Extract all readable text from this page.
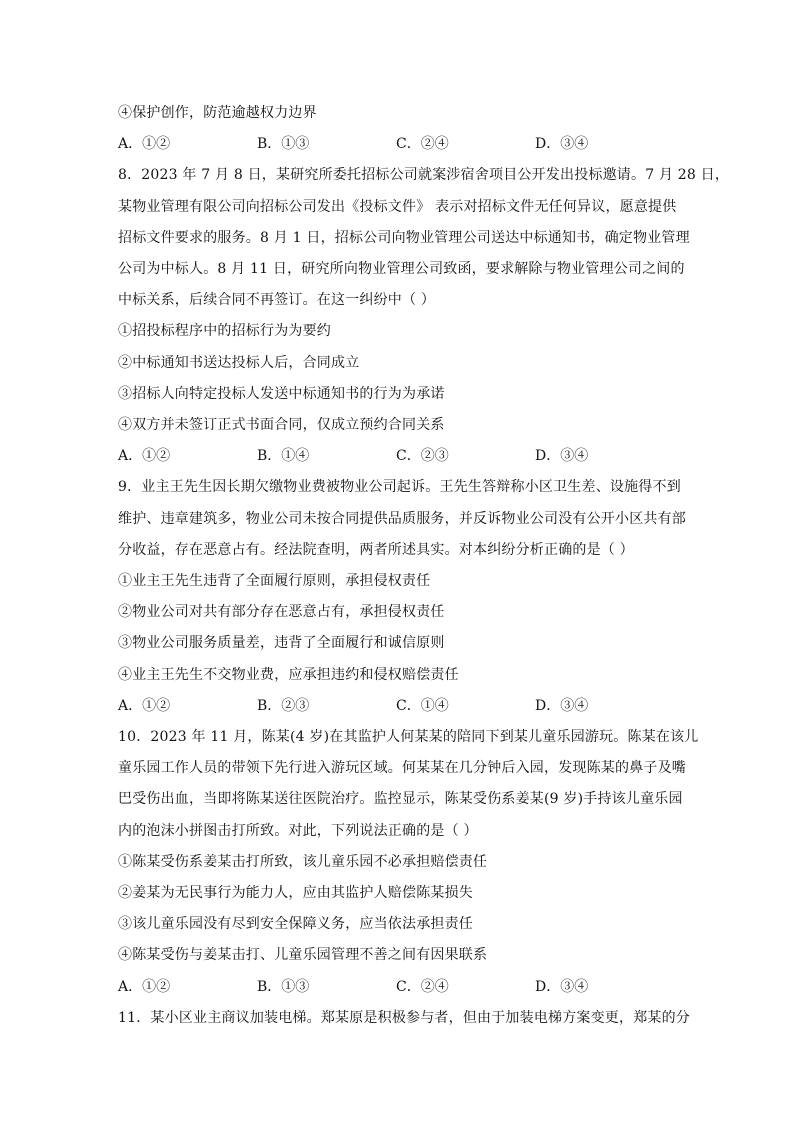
④保护创作，防范逾越权力边界
A．①②	B．①③	C．②④	D．③④
8．2023 年 7 月 8 日，某研究所委托招标公司就案涉宿舍项目公开发出投标邀请。7 月 28 日，
某物业管理有限公司向招标公司发出《投标文件》 表示对招标文件无任何异议，愿意提供
招标文件要求的服务。8 月 1 日，招标公司向物业管理公司送达中标通知书，确定物业管理
公司为中标人。8 月 11 日，研究所向物业管理公司致函，要求解除与物业管理公司之间的
中标关系，后续合同不再签订。在这一纠纷中（ ）
①招投标程序中的招标行为为要约
②中标通知书送达投标人后，合同成立
③招标人向特定投标人发送中标通知书的行为为承诺
④双方并未签订正式书面合同，仅成立预约合同关系
A．①②	B．①④	C．②③	D．③④
9．业主王先生因长期欠缴物业费被物业公司起诉。王先生答辩称小区卫生差、设施得不到
维护、违章建筑多，物业公司未按合同提供品质服务，并反诉物业公司没有公开小区共有部
分收益，存在恶意占有。经法院查明，两者所述具实。对本纠纷分析正确的是（ ）
①业主王先生违背了全面履行原则，承担侵权责任
②物业公司对共有部分存在恶意占有，承担侵权责任
③物业公司服务质量差，违背了全面履行和诚信原则
④业主王先生不交物业费，应承担违约和侵权赔偿责任
A．①②	B．②③	C．①④	D．③④
10．2023 年 11 月，陈某(4 岁)在其监护人何某某的陪同下到某儿童乐园游玩。陈某在该儿
童乐园工作人员的带领下先行进入游玩区域。何某某在几分钟后入园，发现陈某的鼻子及嘴
巴受伤出血，当即将陈某送往医院治疗。监控显示，陈某受伤系姜某(9 岁)手持该儿童乐园
内的泡沫小拼图击打所致。对此，下列说法正确的是（ ）
①陈某受伤系姜某击打所致，该儿童乐园不必承担赔偿责任
②姜某为无民事行为能力人，应由其监护人赔偿陈某损失
③该儿童乐园没有尽到安全保障义务，应当依法承担责任
④陈某受伤与姜某击打、儿童乐园管理不善之间有因果联系
A．①②	B．①③	C．②④	D．③④
11．某小区业主商议加装电梯。郑某原是积极参与者，但由于加装电梯方案变更，郑某的分
